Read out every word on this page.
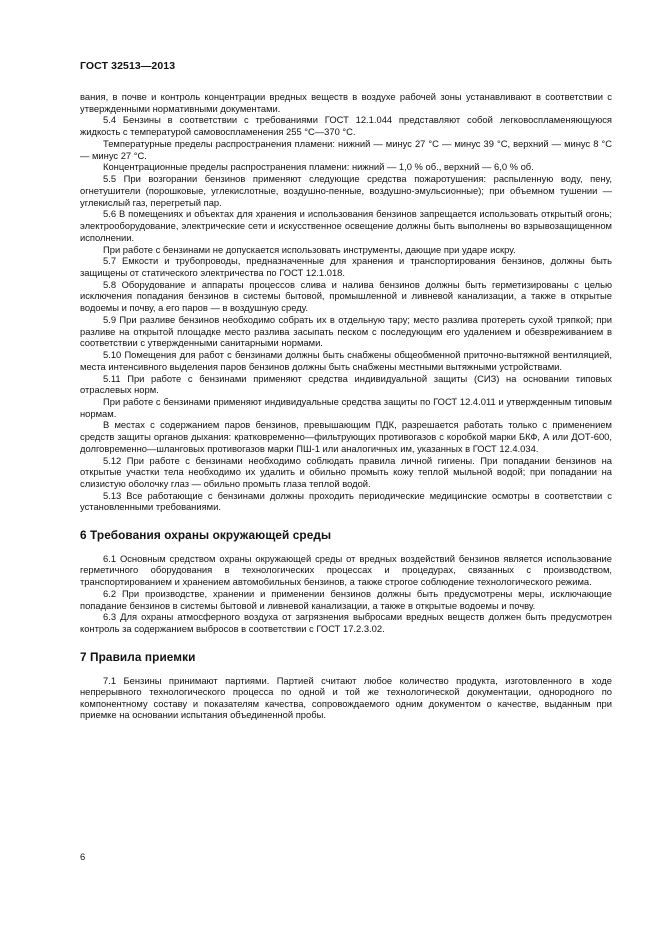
ГОСТ 32513—2013

вания, в почве и контроль концентрации вредных веществ в воздухе рабочей зоны устанавливают в соответствии с утвержденными нормативными документами.

5.4 Бензины в соответствии с требованиями ГОСТ 12.1.044 представляют собой легковоспламеняющуюся жидкость с температурой самовоспламенения 255 °С—370 °С.

Температурные пределы распространения пламени: нижний — минус 27 °С — минус 39 °С, верхний — минус 8 °С — минус 27 °С.

Концентрационные пределы распространения пламени: нижний — 1,0 % об., верхний — 6,0 % об.

5.5 При возгорании бензинов применяют следующие средства пожаротушения: распыленную воду, пену, огнетушители (порошковые, углекислотные, воздушно-пенные, воздушно-эмульсионные); при объемном тушении — углекислый газ, перегретый пар.

5.6 В помещениях и объектах для хранения и использования бензинов запрещается использовать открытый огонь; электрооборудование, электрические сети и искусственное освещение должны быть выполнены во взрывозащищенном исполнении.

При работе с бензинами не допускается использовать инструменты, дающие при ударе искру.

5.7 Емкости и трубопроводы, предназначенные для хранения и транспортирования бензинов, должны быть защищены от статического электричества по ГОСТ 12.1.018.

5.8 Оборудование и аппараты процессов слива и налива бензинов должны быть герметизированы с целью исключения попадания бензинов в системы бытовой, промышленной и ливневой канализации, а также в открытые водоемы и почву, а его паров — в воздушную среду.

5.9 При разливе бензинов необходимо собрать их в отдельную тару; место разлива протереть сухой тряпкой; при разливе на открытой площадке место разлива засыпать песком с последующим его удалением и обезвреживанием в соответствии с утвержденными санитарными нормами.

5.10 Помещения для работ с бензинами должны быть снабжены общеобменной приточно-вытяжной вентиляцией, места интенсивного выделения паров бензинов должны быть снабжены местными вытяжными устройствами.

5.11 При работе с бензинами применяют средства индивидуальной защиты (СИЗ) на основании типовых отраслевых норм.

При работе с бензинами применяют индивидуальные средства защиты по ГОСТ 12.4.011 и утвержденным типовым нормам.

В местах с содержанием паров бензинов, превышающим ПДК, разрешается работать только с применением средств защиты органов дыхания: кратковременно—фильтрующих противогазов с коробкой марки БКФ, А или ДОТ-600, долговременно—шланговых противогазов марки ПШ-1 или аналогичных им, указанных в ГОСТ 12.4.034.

5.12 При работе с бензинами необходимо соблюдать правила личной гигиены. При попадании бензинов на открытые участки тела необходимо их удалить и обильно промыть кожу теплой мыльной водой; при попадании на слизистую оболочку глаз — обильно промыть глаза теплой водой.

5.13 Все работающие с бензинами должны проходить периодические медицинские осмотры в соответствии с установленными требованиями.

6 Требования охраны окружающей среды

6.1 Основным средством охраны окружающей среды от вредных воздействий бензинов является использование герметичного оборудования в технологических процессах и процедурах, связанных с производством, транспортированием и хранением автомобильных бензинов, а также строгое соблюдение технологического режима.

6.2 При производстве, хранении и применении бензинов должны быть предусмотрены меры, исключающие попадание бензинов в системы бытовой и ливневой канализации, а также в открытые водоемы и почву.

6.3 Для охраны атмосферного воздуха от загрязнения выбросами вредных веществ должен быть предусмотрен контроль за содержанием выбросов в соответствии с ГОСТ 17.2.3.02.

7 Правила приемки

7.1 Бензины принимают партиями. Партией считают любое количество продукта, изготовленного в ходе непрерывного технологического процесса по одной и той же технологической документации, однородного по компонентному составу и показателям качества, сопровождаемого одним документом о качестве, выданным при приемке на основании испытания объединенной пробы.

6
